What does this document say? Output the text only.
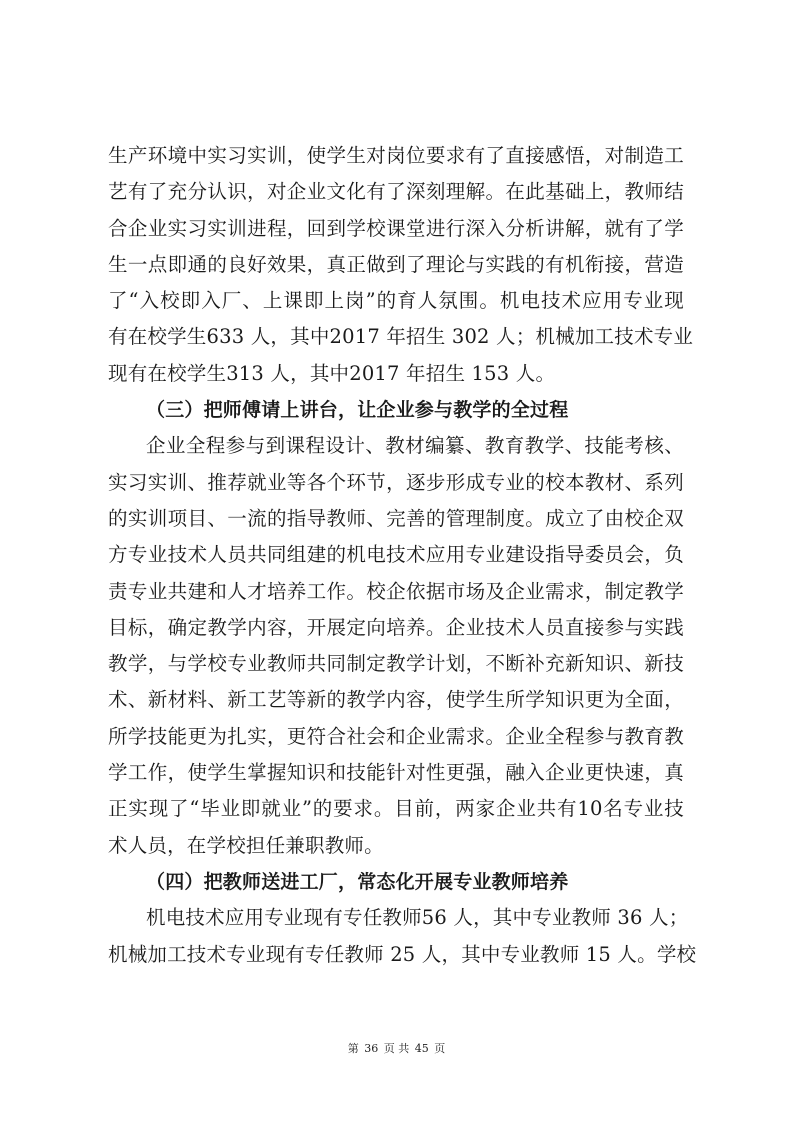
生产环境中实习实训，使学生对岗位要求有了直接感悟，对制造工
艺有了充分认识，对企业文化有了深刻理解。在此基础上，教师结
合企业实习实训进程，回到学校课堂进行深入分析讲解，就有了学
生一点即通的良好效果，真正做到了理论与实践的有机衔接，营造
了“入校即入厂、上课即上岗”的育人氛围。机电技术应用专业现
有在校学生633 人，其中2017 年招生 302 人；机械加工技术专业
现有在校学生313 人，其中2017 年招生 153 人。
（三）把师傅请上讲台，让企业参与教学的全过程
企业全程参与到课程设计、教材编纂、教育教学、技能考核、
实习实训、推荐就业等各个环节，逐步形成专业的校本教材、系列
的实训项目、一流的指导教师、完善的管理制度。成立了由校企双
方专业技术人员共同组建的机电技术应用专业建设指导委员会，负
责专业共建和人才培养工作。校企依据市场及企业需求，制定教学
目标，确定教学内容，开展定向培养。企业技术人员直接参与实践
教学，与学校专业教师共同制定教学计划，不断补充新知识、新技
术、新材料、新工艺等新的教学内容，使学生所学知识更为全面，
所学技能更为扎实，更符合社会和企业需求。企业全程参与教育教
学工作，使学生掌握知识和技能针对性更强，融入企业更快速，真
正实现了“毕业即就业”的要求。目前，两家企业共有10名专业技
术人员，在学校担任兼职教师。
（四）把教师送进工厂，常态化开展专业教师培养
机电技术应用专业现有专任教师56 人，其中专业教师 36 人；
机械加工技术专业现有专任教师 25 人，其中专业教师 15 人。学校
第 36 页 共 45 页
